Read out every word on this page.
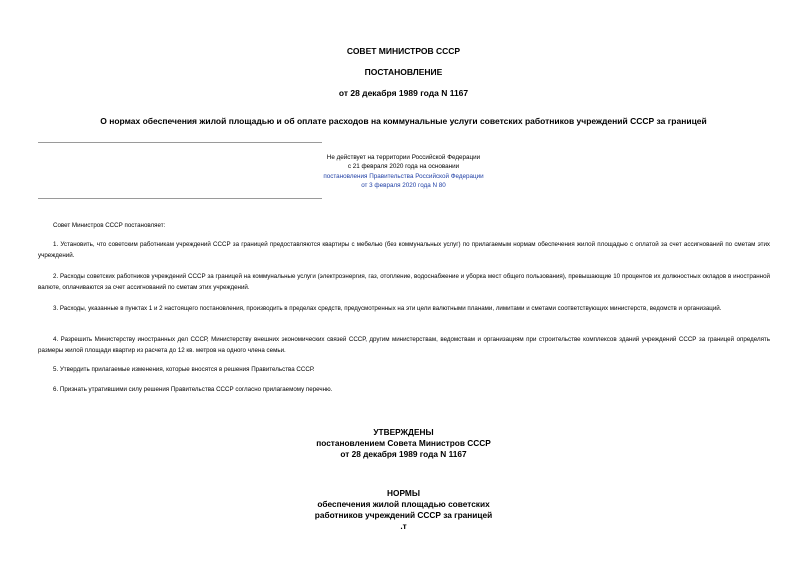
СОВЕТ МИНИСТРОВ СССР
ПОСТАНОВЛЕНИЕ
от 28 декабря 1989 года N 1167
О нормах обеспечения жилой площадью и об оплате расходов на коммунальные услуги советских работников учреждений СССР за границей
Не действует на территории Российской Федерации
с 21 февраля 2020 года на основании
постановления Правительства Российской Федерации
от 3 февраля 2020 года N 80
Совет Министров СССР постановляет:
1. Установить, что советским работникам учреждений СССР за границей предоставляются квартиры с мебелью (без коммунальных услуг) по прилагаемым нормам обеспечения жилой площадью с оплатой за счет ассигнований по сметам этих учреждений.
2. Расходы советских работников учреждений СССР за границей на коммунальные услуги (электроэнергия, газ, отопление, водоснабжение и уборка мест общего пользования), превышающие 10 процентов их должностных окладов в иностранной валюте, оплачиваются за счет ассигнований по сметам этих учреждений.
3. Расходы, указанные в пунктах 1 и 2 настоящего постановления, производить в пределах средств, предусмотренных на эти цели валютными планами, лимитами и сметами соответствующих министерств, ведомств и организаций.
4. Разрешить Министерству иностранных дел СССР, Министерству внешних экономических связей СССР, другим министерствам, ведомствам и организациям при строительстве комплексов зданий учреждений СССР за границей определять размеры жилой площади квартир из расчета до 12 кв. метров на одного члена семьи.
5. Утвердить прилагаемые изменения, которые вносятся в решения Правительства СССР.
6. Признать утратившими силу решения Правительства СССР согласно прилагаемому перечню.
УТВЕРЖДЕНЫ
постановлением Совета Министров СССР
от 28 декабря 1989 года N 1167
НОРМЫ
обеспечения жилой площадью советских
работников учреждений СССР за границей
.т
